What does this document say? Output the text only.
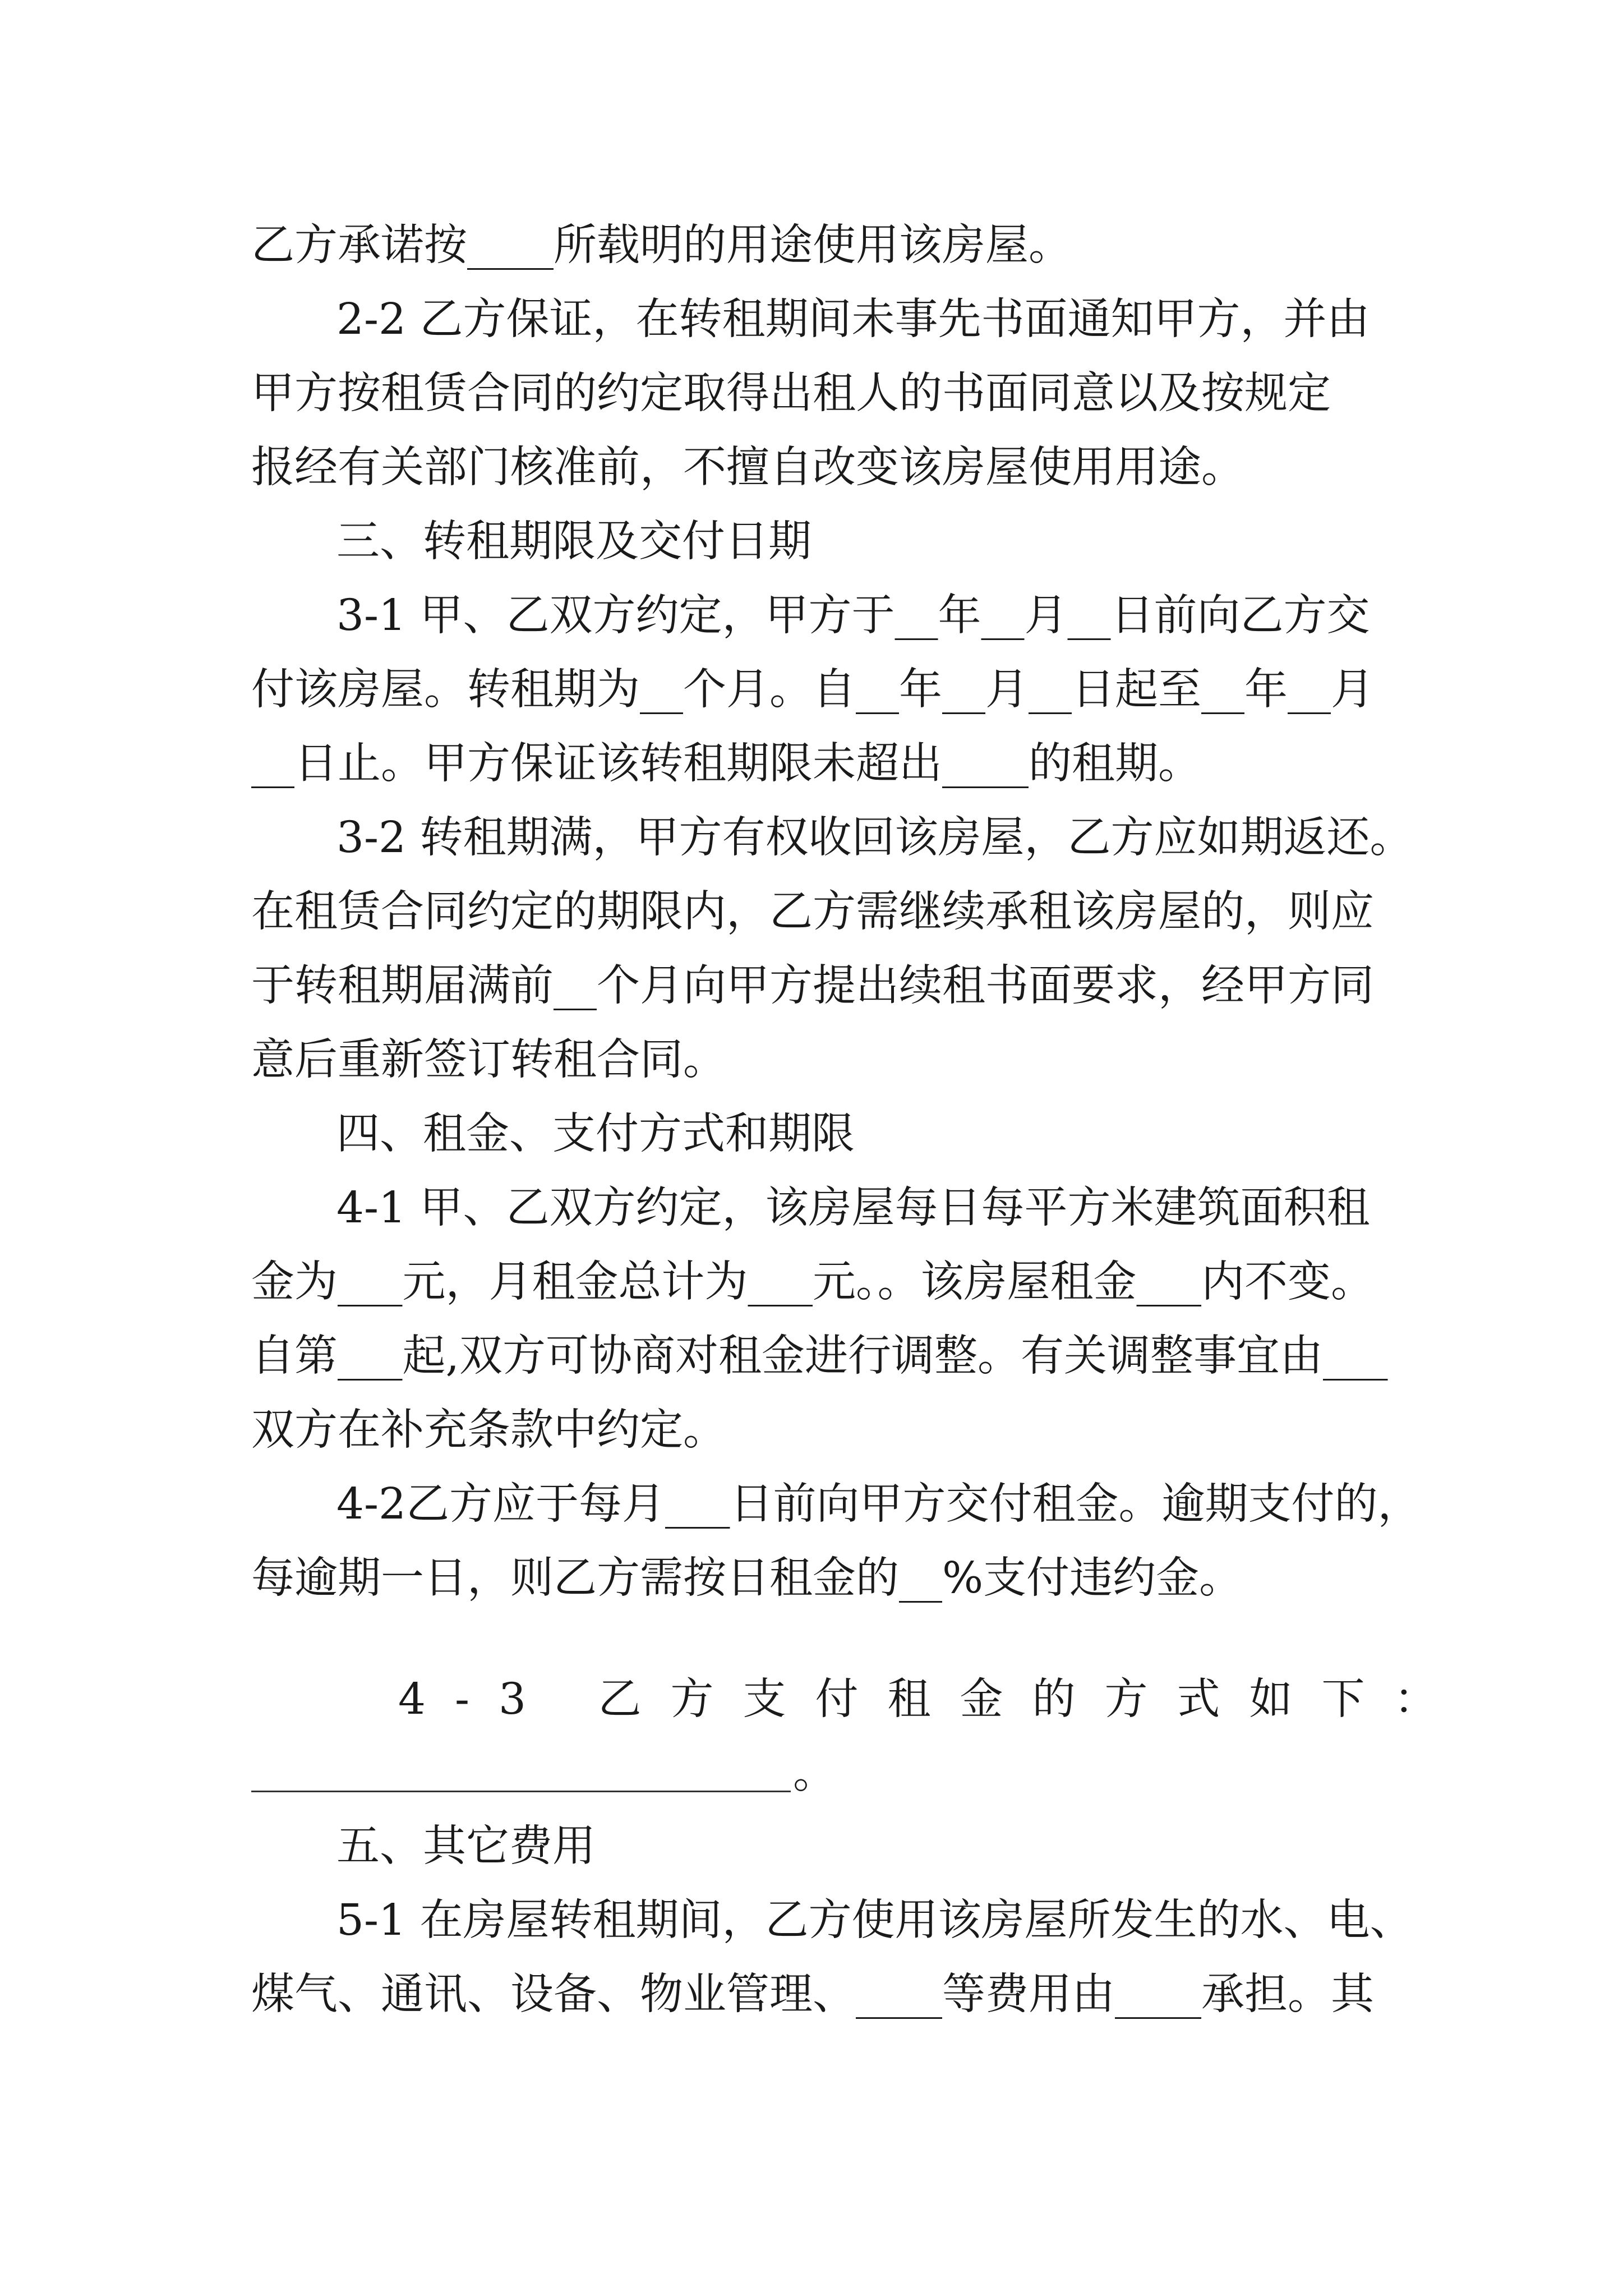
乙方承诺按____所载明的用途使用该房屋。
2-2 乙方保证，在转租期间未事先书面通知甲方，并由
甲方按租赁合同的约定取得出租人的书面同意以及按规定
报经有关部门核准前，不擅自改变该房屋使用用途。
三、转租期限及交付日期
3-1 甲、乙双方约定，甲方于__年__月__日前向乙方交
付该房屋。转租期为__个月。自__年__月__日起至__年__月
__日止。甲方保证该转租期限未超出____的租期。
3-2 转租期满，甲方有权收回该房屋，乙方应如期返还。
在租赁合同约定的期限内，乙方需继续承租该房屋的，则应
于转租期届满前__个月向甲方提出续租书面要求，经甲方同
意后重新签订转租合同。
四、租金、支付方式和期限
4-1 甲、乙双方约定，该房屋每日每平方米建筑面积租
金为___元，月租金总计为___元。。该房屋租金___内不变。
自第___起,双方可协商对租金进行调整。有关调整事宜由___
双方在补充条款中约定。
4-2乙方应于每月___日前向甲方交付租金。逾期支付的，
每逾期一日，则乙方需按日租金的__%支付违约金。
4-3 乙方支付租金的方式如下：
。
五、其它费用
5-1 在房屋转租期间，乙方使用该房屋所发生的水、电、
煤气、通讯、设备、物业管理、____等费用由____承担。其
